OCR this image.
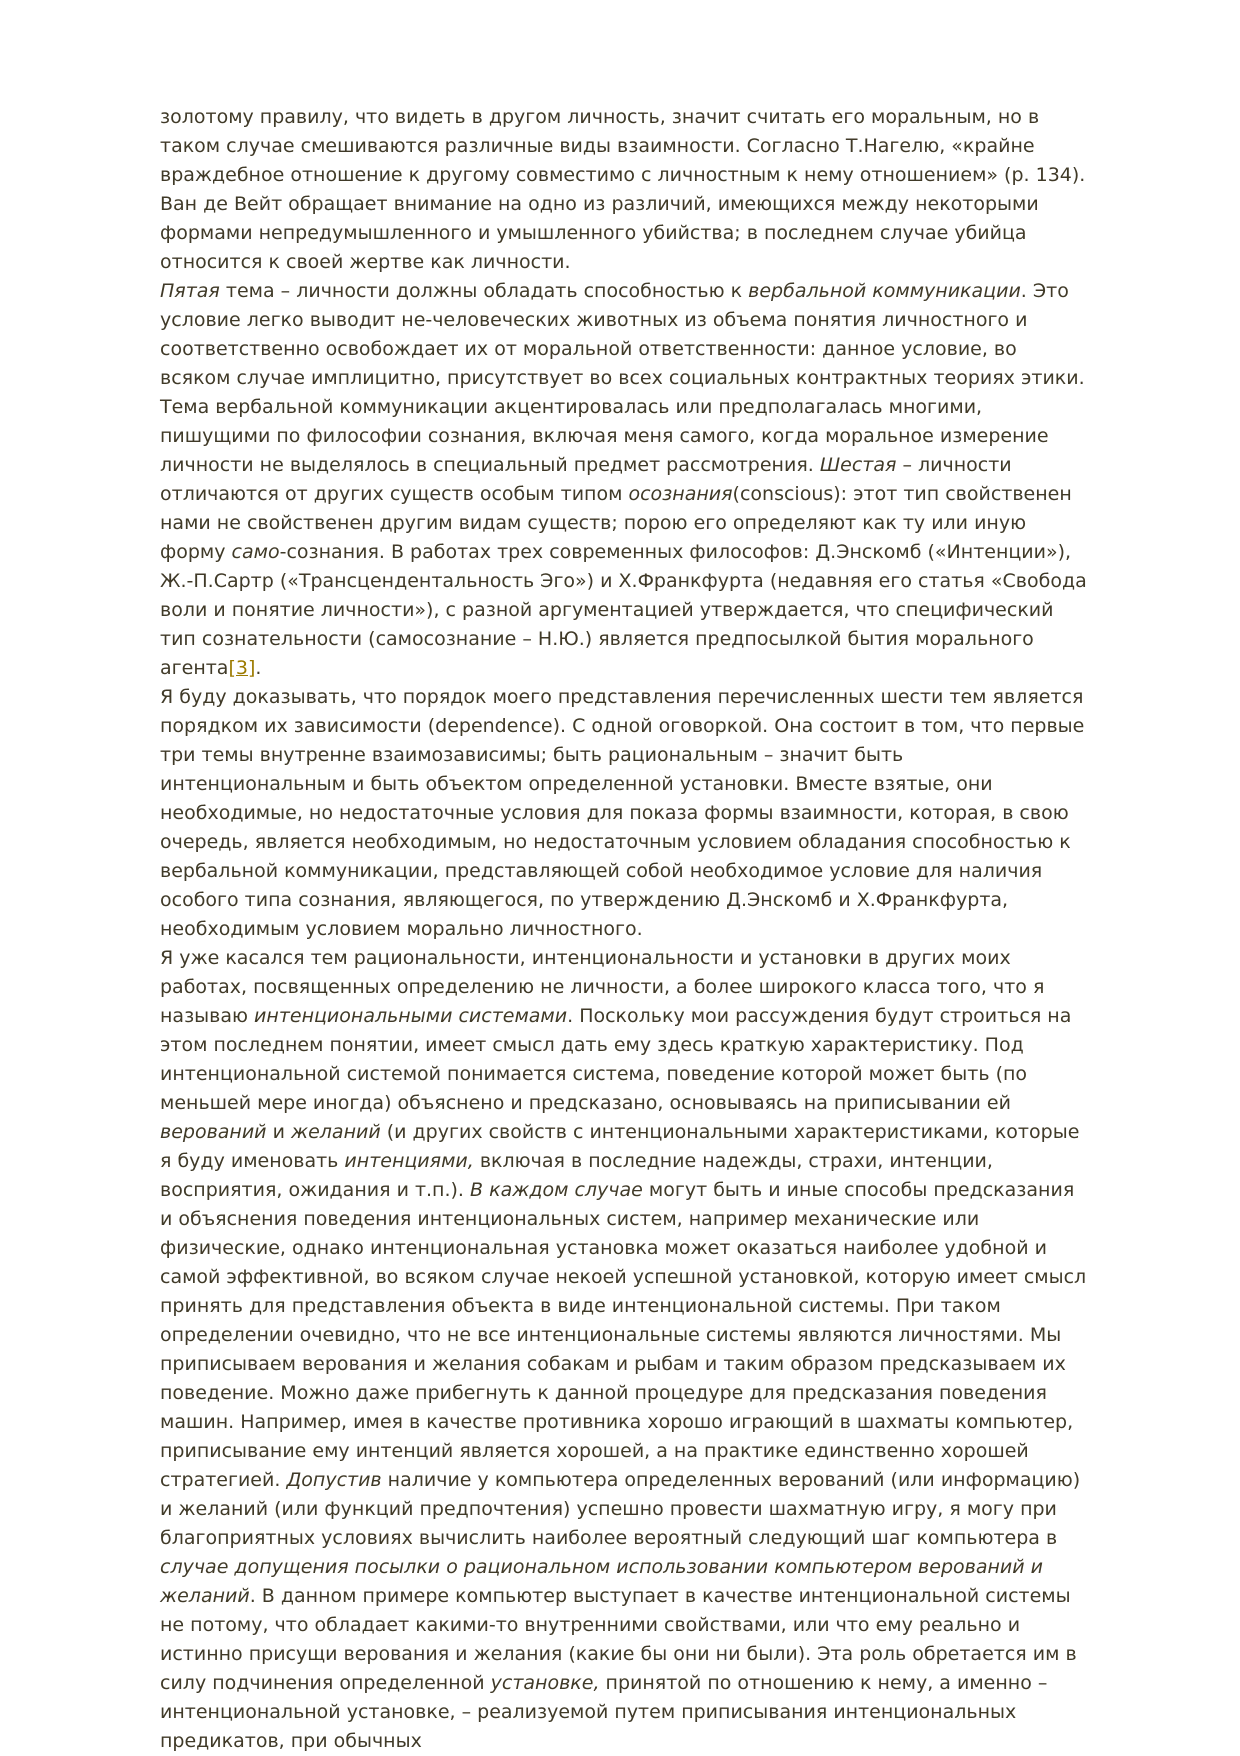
золотому правилу, что видеть в другом личность, значит считать его моральным, но в таком случае смешиваются различные виды взаимности. Согласно Т.Нагелю, «крайне враждебное отношение к другому совместимо с личностным к нему отношением» (p. 134). Ван де Вейт обращает внимание на одно из различий, имеющихся между некоторыми формами непредумышленного и умышленного убийства; в последнем случае убийца относится к своей жертве как личности.

Пятая тема – личности должны обладать способностью к вербальной коммуникации. Это условие легко выводит не-человеческих животных из объема понятия личностного и соответственно освобождает их от моральной ответственности: данное условие, во всяком случае имплицитно, присутствует во всех социальных контрактных теориях этики. Тема вербальной коммуникации акцентировалась или предполагалась многими, пишущими по философии сознания, включая меня самого, когда моральное измерение личности не выделялось в специальный предмет рассмотрения. Шестая – личности отличаются от других существ особым типом осознания(conscious): этот тип свойственен нами не свойственен другим видам существ; порою его определяют как ту или иную форму само-сознания. В работах трех современных философов: Д.Энскомб («Интенции»), Ж.-П.Сартр («Трансцендентальность Эго») и Х.Франкфурта (недавняя его статья «Свобода воли и понятие личности»), с разной аргументацией утверждается, что специфический тип сознательности (самосознание – Н.Ю.) является предпосылкой бытия морального агента[3].

Я буду доказывать, что порядок моего представления перечисленных шести тем является порядком их зависимости (dependence). С одной оговоркой. Она состоит в том, что первые три темы внутренне взаимозависимы; быть рациональным – значит быть интенциональным и быть объектом определенной установки. Вместе взятые, они необходимые, но недостаточные условия для показа формы взаимности, которая, в свою очередь, является необходимым, но недостаточным условием обладания способностью к вербальной коммуникации, представляющей собой необходимое условие для наличия особого типа сознания, являющегося, по утверждению Д.Энскомб и Х.Франкфурта, необходимым условием морально личностного.

Я уже касался тем рациональности, интенциональности и установки в других моих работах, посвященных определению не личности, а более широкого класса того, что я называю интенциональными системами. Поскольку мои рассуждения будут строиться на этом последнем понятии, имеет смысл дать ему здесь краткую характеристику. Под интенциональной системой понимается система, поведение которой может быть (по меньшей мере иногда) объяснено и предсказано, основываясь на приписывании ей верований и желаний (и других свойств с интенциональными характеристиками, которые я буду именовать интенциями, включая в последние надежды, страхи, интенции, восприятия, ожидания и т.п.). В каждом случае могут быть и иные способы предсказания и объяснения поведения интенциональных систем, например механические или физические, однако интенциональная установка может оказаться наиболее удобной и самой эффективной, во всяком случае некоей успешной установкой, которую имеет смысл принять для представления объекта в виде интенциональной системы. При таком определении очевидно, что не все интенциональные системы являются личностями. Мы приписываем верования и желания собакам и рыбам и таким образом предсказываем их поведение. Можно даже прибегнуть к данной процедуре для предсказания поведения машин. Например, имея в качестве противника хорошо играющий в шахматы компьютер, приписывание ему интенций является хорошей, а на практике единственно хорошей стратегией. Допустив наличие у компьютера определенных верований (или информацию) и желаний (или функций предпочтения) успешно провести шахматную игру, я могу при благоприятных условиях вычислить наиболее вероятный следующий шаг компьютера в случае допущения посылки о рациональном использовании компьютером верований и желаний. В данном примере компьютер выступает в качестве интенциональной системы не потому, что обладает какими-то внутренними свойствами, или что ему реально и истинно присущи верования и желания (какие бы они ни были). Эта роль обретается им в силу подчинения определенной установке, принятой по отношению к нему, а именно – интенциональной установке, – реализуемой путем приписывания интенциональных предикатов, при обычных
